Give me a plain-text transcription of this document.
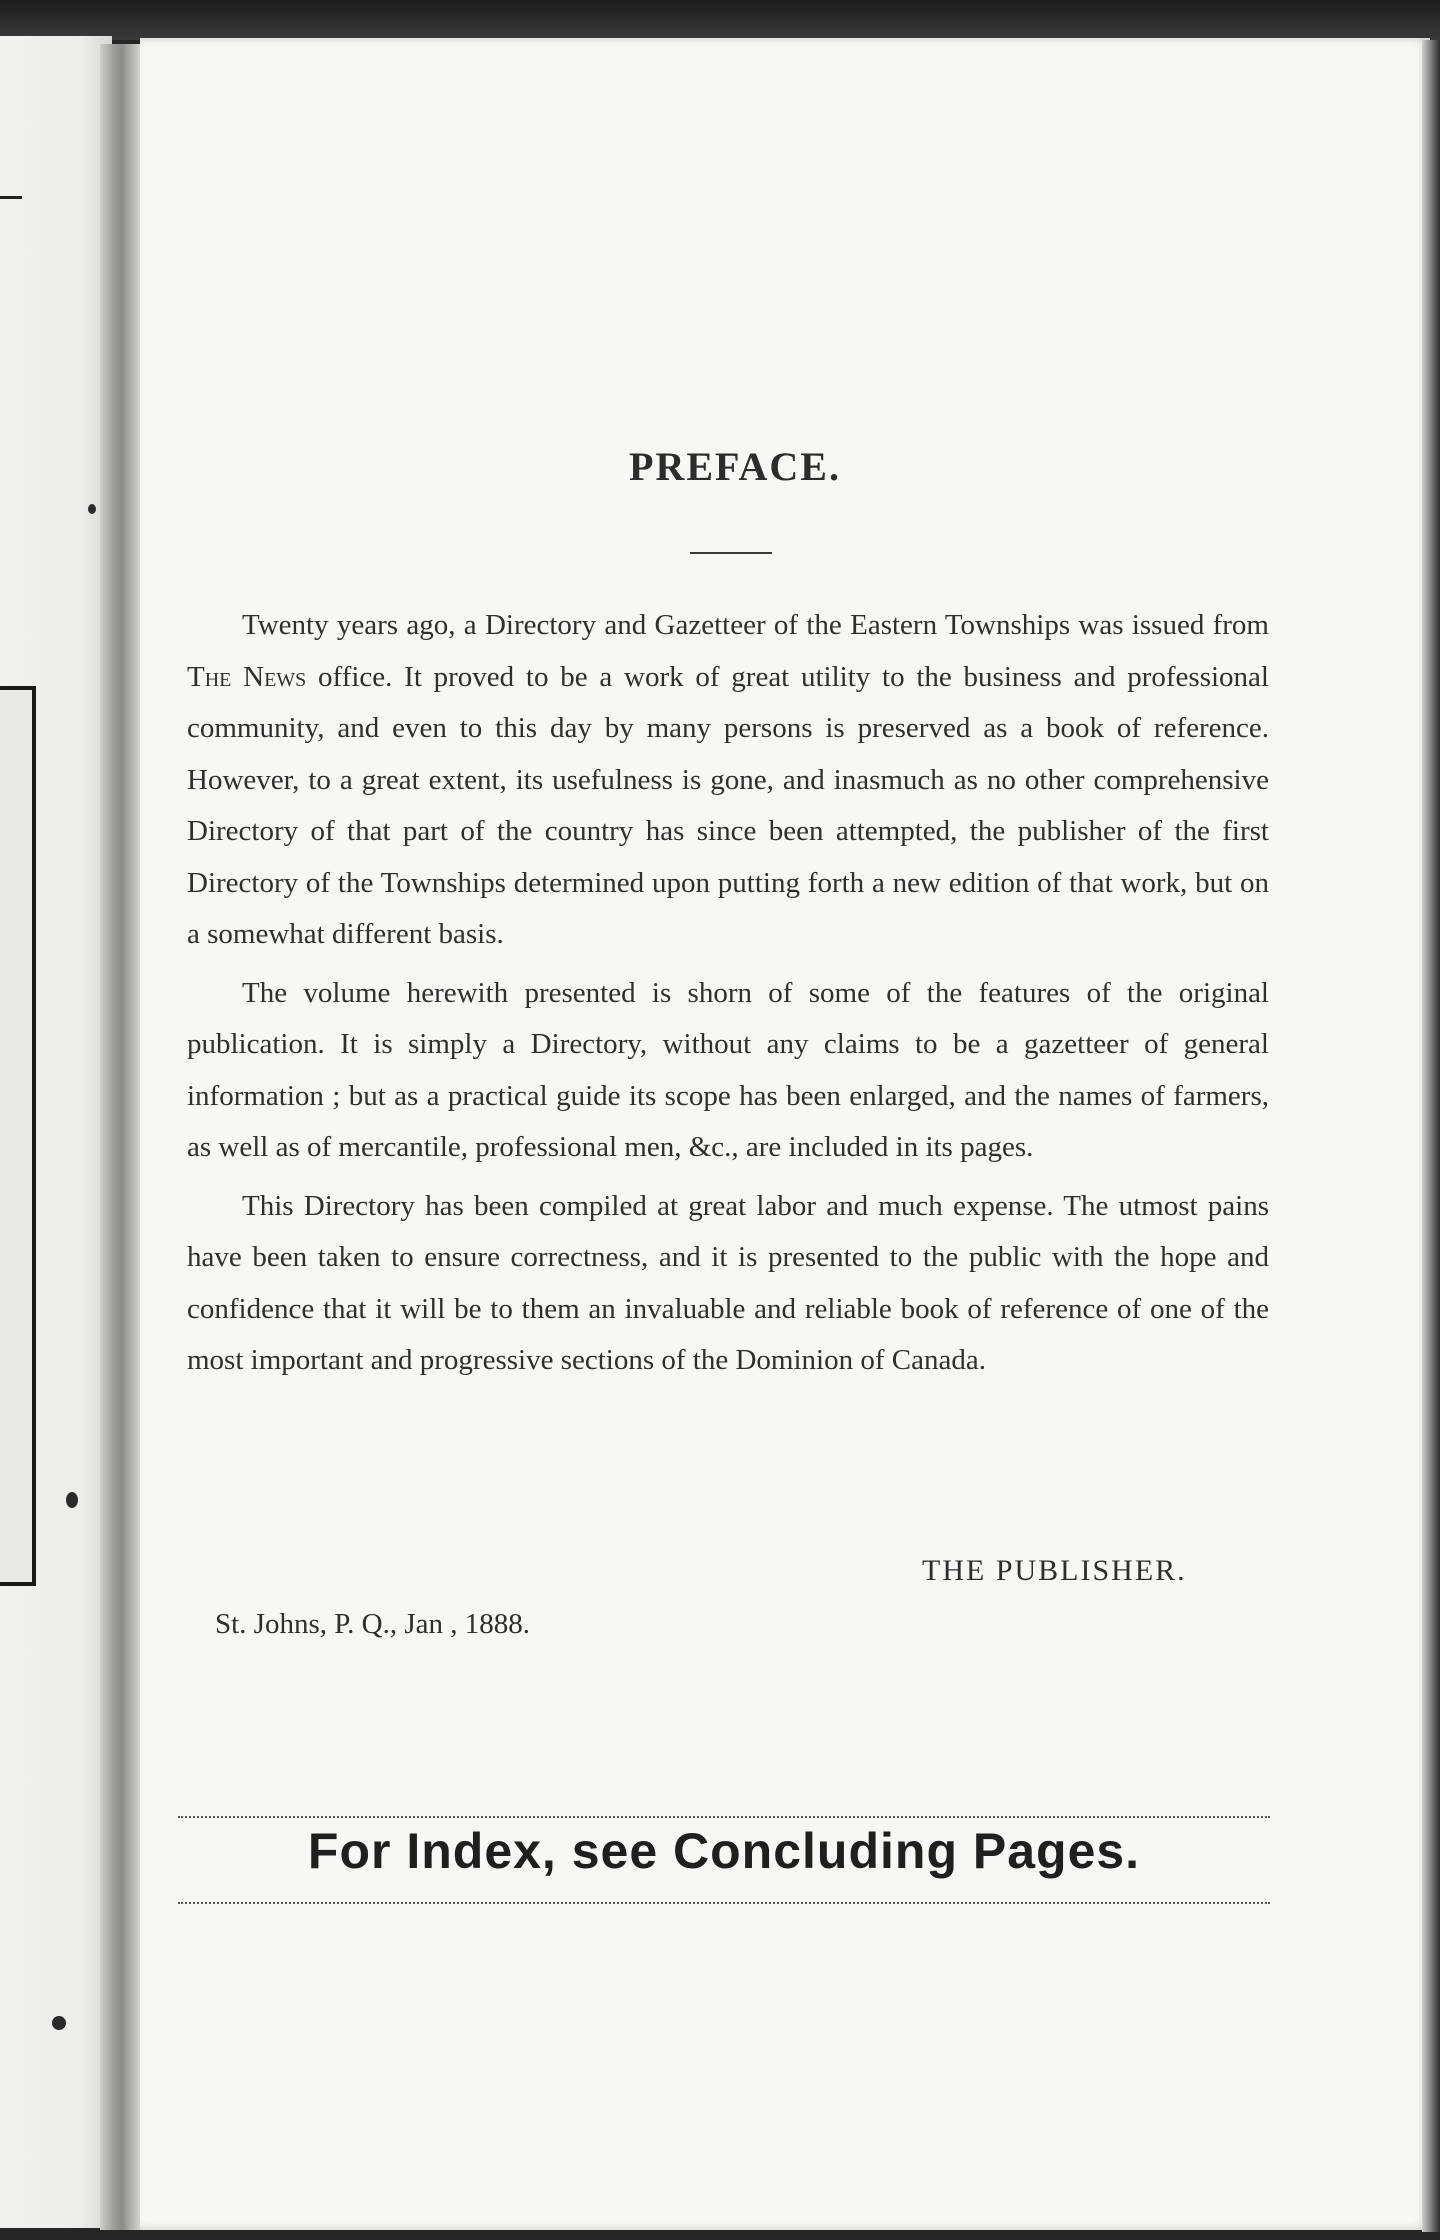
PREFACE.

Twenty years ago, a Directory and Gazetteer of the Eastern Townships was issued from The News office. It proved to be a work of great utility to the business and professional community, and even to this day by many persons is preserved as a book of reference. However, to a great extent, its usefulness is gone, and inasmuch as no other comprehensive Directory of that part of the country has since been attempted, the publisher of the first Directory of the Townships determined upon putting forth a new edition of that work, but on a somewhat different basis.

The volume herewith presented is shorn of some of the features of the original publication. It is simply a Directory, without any claims to be a gazetteer of general information ; but as a practical guide its scope has been enlarged, and the names of farmers, as well as of mercantile, professional men, &c., are included in its pages.

This Directory has been compiled at great labor and much expense. The utmost pains have been taken to ensure correctness, and it is presented to the public with the hope and confidence that it will be to them an invaluable and reliable book of reference of one of the most important and progressive sections of the Dominion of Canada.

THE PUBLISHER.
St. Johns, P. Q., Jan , 1888.
For Index, see Concluding Pages.
